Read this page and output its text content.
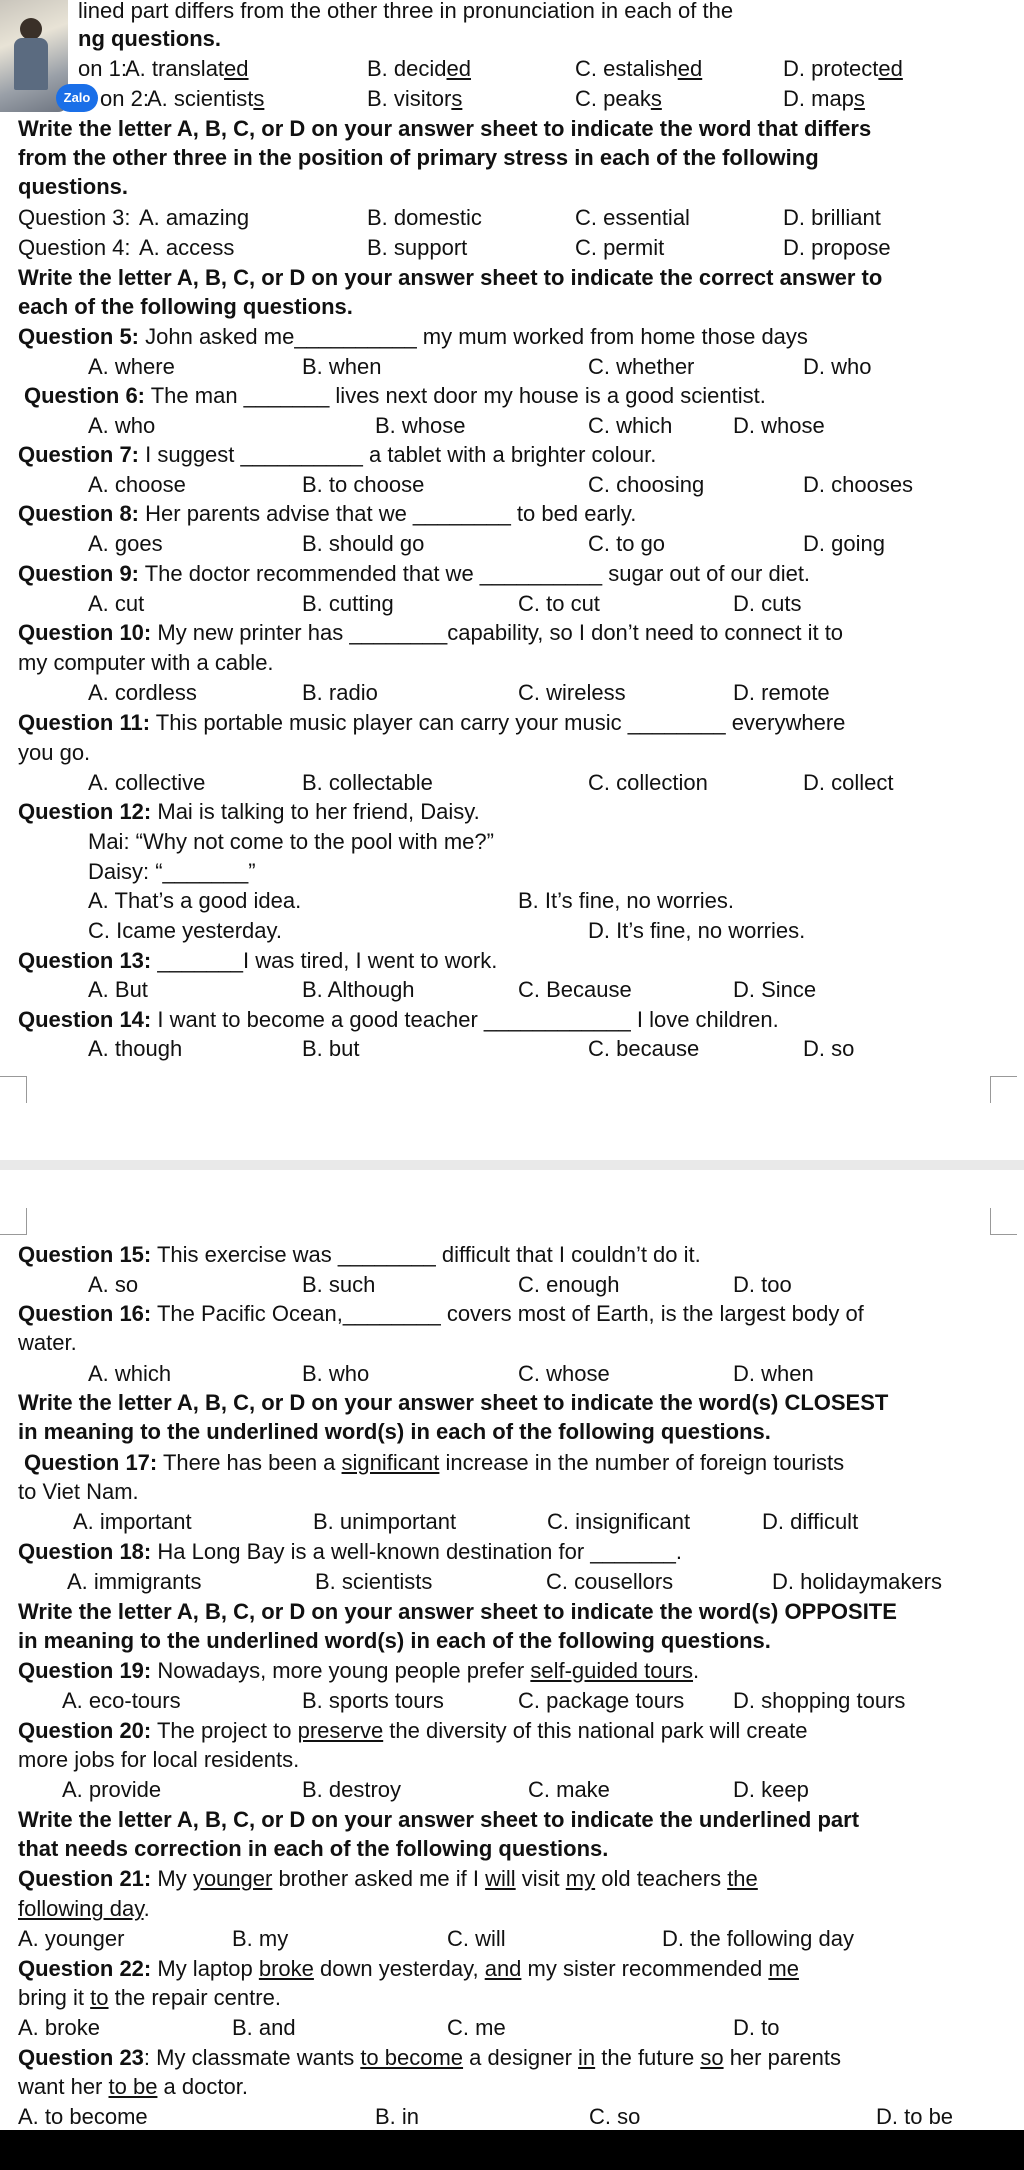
lined part differs from the other three in pronunciation in each of the
ng questions.
on 1:
A. translated	B. decided	C. estalished	D. protected
on 2:
A. scientists	B. visitors	C. peaks	D. maps
Write the letter A, B, C, or D on your answer sheet to indicate the word that differs
from the other three in the position of primary stress in each of the following
questions.
Question 3: A. amazing	B. domestic	C. essential	D. brilliant
Question 4: A. access	B. support	C. permit	D. propose
Write the letter A, B, C, or D on your answer sheet to indicate the correct answer to
each of the following questions.
Question 5: John asked me__________ my mum worked from home those days
A. where	B. when	C. whether	D. who
Question 6: The man _______ lives next door my house is a good scientist.
A. who	B. whose	C. which	D. whose
Question 7: I suggest __________ a tablet with a brighter colour.
A. choose	B. to choose	C. choosing	D. chooses
Question 8: Her parents advise that we ________ to bed early.
A. goes	B. should go	C. to go	D. going
Question 9: The doctor recommended that we __________ sugar out of our diet.
A. cut	B. cutting	C. to cut	D. cuts
Question 10: My new printer has ________capability, so I don’t need to connect it to
my computer with a cable.
A. cordless	B. radio	C. wireless	D. remote
Question 11: This portable music player can carry your music ________ everywhere
you go.
A. collective	B. collectable	C. collection	D. collect
Question 12: Mai is talking to her friend, Daisy.
Mai: “Why not come to the pool with me?”
Daisy: “_______”
A. That’s a good idea.	B. It’s fine, no worries.
C. Icame yesterday.	D. It’s fine, no worries.
Question 13: _______I was tired, I went to work.
A. But	B. Although	C. Because	D. Since
Question 14: I want to become a good teacher ____________ I love children.
A. though	B. but	C. because	D. so
Zalo
Question 15: This exercise was ________ difficult that I couldn’t do it.
A. so	B. such	C. enough	D. too
Question 16: The Pacific Ocean,________ covers most of Earth, is the largest body of
water.
A. which	B. who	C. whose	D. when
Write the letter A, B, C, or D on your answer sheet to indicate the word(s) CLOSEST
in meaning to the underlined word(s) in each of the following questions.
Question 17: There has been a significant increase in the number of foreign tourists
to Viet Nam.
A. important	B. unimportant	C. insignificant	D. difficult
Question 18: Ha Long Bay is a well-known destination for _______.
A. immigrants	B. scientists	C. cousellors	D. holidaymakers
Write the letter A, B, C, or D on your answer sheet to indicate the word(s) OPPOSITE
in meaning to the underlined word(s) in each of the following questions.
Question 19: Nowadays, more young people prefer self-guided tours.
A. eco-tours	B. sports tours	C. package tours D. shopping tours
Question 20: The project to preserve the diversity of this national park will create
more jobs for local residents.
A. provide	B. destroy	C. make	D. keep
Write the letter A, B, C, or D on your answer sheet to indicate the underlined part
that needs correction in each of the following questions.
Question 21: My younger brother asked me if I will visit my old teachers the
following day.
A. younger	B. my	C. will	D. the following day
Question 22: My laptop broke down yesterday, and my sister recommended me
bring it to the repair centre.
A. broke	B. and	C. me	D. to
Question 23: My classmate wants to become a designer in the future so her parents
want her to be a doctor.
A. to become	B. in	C. so	D. to be
